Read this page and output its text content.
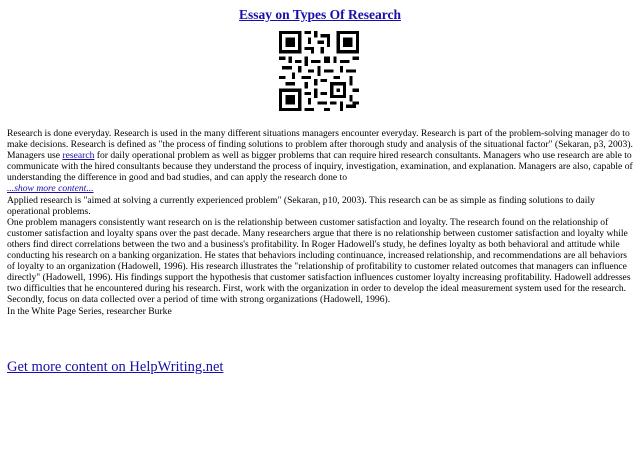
Essay on Types Of Research

Research is done everyday. Research is used in the many different situations managers encounter everyday. Research is part of the problem-solving manager do to make decisions. Research is defined as "the process of finding solutions to problem after thorough study and analysis of the situational factor" (Sekaran, p3, 2003). Managers use research for daily operational problem as well as bigger problems that can require hired research consultants. Managers who use research are able to communicate with the hired consultants because they understand the process of inquiry, investigation, examination, and explanation. Managers are also, capable of understanding the difference in good and bad studies, and can apply the research done to

...show more content...

Applied research is "aimed at solving a currently experienced problem" (Sekaran, p10, 2003). This research can be as simple as finding solutions to daily operational problems.

One problem managers consistently want research on is the relationship between customer satisfaction and loyalty. The research found on the relationship of customer satisfaction and loyalty spans over the past decade. Many researchers argue that there is no relationship between customer satisfaction and loyalty while others find direct correlations between the two and a business's profitability. In Roger Hadowell's study, he defines loyalty as both behavioral and attitude while conducting his research on a banking organization. He states that behaviors including continuance, increased relationship, and recommendations are all behaviors of loyalty to an organization (Hadowell, 1996). His research illustrates the "relationship of profitability to customer related outcomes that managers can influence directly" (Hadowell, 1996). His findings support the hypothesis that customer satisfaction influences customer loyalty increasing profitability. Hadowell addresses two difficulties that he encountered during his research. First, work with the organization in order to develop the ideal measurement system used for the research. Secondly, focus on data collected over a period of time with strong organizations (Hadowell, 1996).

In the White Page Series, researcher Burke

Get more content on HelpWriting.net
